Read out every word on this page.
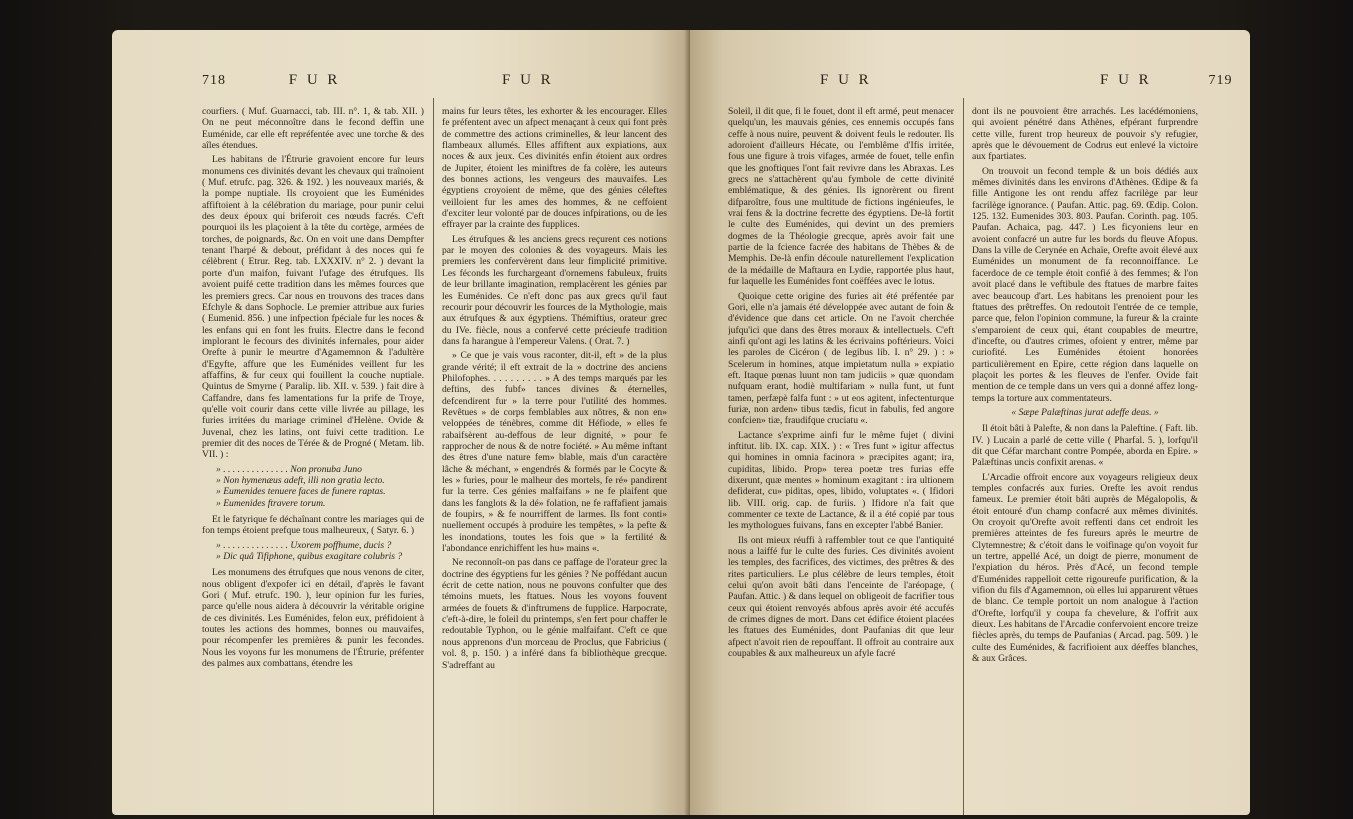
718	F U R	F U R

courfiers. ( Muf. Guarnacci, tab. III. n°. 1, & tab. XII. ) On ne peut méconnoître dans le fecond deffin une Euménide, car elle eft repréfentée avec une torche & des aîles étendues.

Les habitans de l'Étrurie gravoient encore fur leurs monumens ces divinités devant les chevaux qui traînoient ( Muf. etrufc. pag. 326. & 192. ) les nouveaux mariés, & la pompe nuptiale. Ils croyoient que les Euménides affiftoient à la célébration du mariage, pour punir celui des deux époux qui briferoit ces nœuds facrés. C'eft pourquoi ils les plaçoient à la tête du cortège, armées de torches, de poignards, &c. On en voit une dans Dempfter tenant l'harpé & debout, préfidant à des noces qui fe célèbrent ( Etrur. Reg. tab. LXXXIV. n° 2. ) devant la porte d'un maifon, fuivant l'ufage des étrufques. Ils avoient puifé cette tradition dans les mêmes fources que les premiers grecs. Car nous en trouvons des traces dans Efchyle & dans Sophocle. Le premier attribue aux furies ( Eumenid. 856. ) une infpection fpéciale fur les noces & les enfans qui en font les fruits. Electre dans le fecond implorant le fecours des divinités infernales, pour aider Orefte à punir le meurtre d'Agamemnon & l'adultère d'Egyfte, affure que les Euménides veillent fur les affaffins, & fur ceux qui fouillent la couche nuptiale. Quintus de Smyrne ( Paralip. lib. XII. v. 539. ) fait dire à Caffandre, dans fes lamentations fur la prife de Troye, qu'elle voit courir dans cette ville livrée au pillage, les furies irritées du mariage criminel d'Helène. Ovide & Juvenal, chez les latins, ont fuivi cette tradition. Le premier dit des noces de Térée & de Progné ( Metam. lib. VII. ) :

» . . . . . . . . . . . . . . Non pronuba Juno

» Non hymenæus adeft, illi non gratia lecto.

» Eumenides tenuere faces de funere raptas.

» Eumenides ftravere torum.

Et le fatyrique fe déchaînant contre les mariages qui de fon temps étoient prefque tous malheureux, ( Satyr. 6. )

» . . . . . . . . . . . . . . Uxorem poffhume, ducis ?

» Dic quâ Tifiphone, quibus exagitare colubris ?

Les monumens des étrufques que nous venons de citer, nous obligent d'expofer ici en détail, d'après le favant Gori ( Muf. etrufc. 190. ), leur opinion fur les furies, parce qu'elle nous aidera à découvrir la véritable origine de ces divinités. Les Euménides, felon eux, préfidoient à toutes les actions des hommes, bonnes ou mauvaifes, pour récompenfer les premières & punir les fecondes. Nous les voyons fur les monumens de l'Étrurie, préfenter des palmes aux combattans, étendre les

mains fur leurs têtes, les exhorter & les encourager. Elles fe préfentent avec un afpect menaçant à ceux qui font près de commettre des actions criminelles, & leur lancent des flambeaux allumés. Elles affiftent aux expiations, aux noces & aux jeux. Ces divinités enfin étoient aux ordres de Jupiter, étoient les miniftres de fa colère, les auteurs des bonnes actions, les vengeurs des mauvaifes. Les égyptiens croyoient de même, que des génies céleftes veilloient fur les ames des hommes, & ne ceffoient d'exciter leur volonté par de douces infpirations, ou de les effrayer par la crainte des fupplices.

Les étrufques & les anciens grecs reçurent ces notions par le moyen des colonies & des voyageurs. Mais les premiers les confervèrent dans leur fimplicité primitive. Les féconds les furchargeant d'ornemens fabuleux, fruits de leur brillante imagination, remplacèrent les génies par les Euménides. Ce n'eft donc pas aux grecs qu'il faut recourir pour découvrir les fources de la Mythologie, mais aux étrufques & aux égyptiens. Thémiftius, orateur grec du IVe. fiècle, nous a confervé cette précieufe tradition dans fa harangue à l'empereur Valens. ( Orat. 7. )

» Ce que je vais vous raconter, dit-il, eft » de la plus grande vérité; il eft extrait de la » doctrine des anciens Philofophes. . . . . . . . . . » A des temps marqués par les deftins, des fubf» tances divines & éternelles, defcendirent fur » la terre pour l'utilité des hommes. Revêtues » de corps femblables aux nôtres, & non en» veloppées de ténèbres, comme dit Héfiode, » elles fe rabaifsèrent au-deffous de leur dignité, » pour fe rapprocher de nous & de notre fociété. » Au même inftant des êtres d'une nature fem» blable, mais d'un caractère lâche & méchant, » engendrés & formés par le Cocyte & les » furies, pour le malheur des mortels, fe ré» pandirent fur la terre. Ces génies malfaifans » ne fe plaifent que dans les fanglots & la dé» folation, ne fe raffafient jamais de foupirs, » & fe nourriffent de larmes. Ils font conti» nuellement occupés à produire les tempêtes, » la pefte & les inondations, toutes les fois que » la fertilité & l'abondance enrichiffent les hu» mains «.

Ne reconnoît-on pas dans ce paffage de l'orateur grec la doctrine des égyptiens fur les génies ? Ne poffédant aucun écrit de cette nation, nous ne pouvons confulter que des témoins muets, les ftatues. Nous les voyons fouvent armées de fouets & d'inftrumens de fupplice. Harpocrate, c'eft-à-dire, le foleil du printemps, s'en fert pour chaffer le redoutable Typhon, ou le génie malfaifant. C'eft ce que nous apprenons d'un morceau de Proclus, que Fabricius ( vol. 8, p. 150. ) a inféré dans fa bibliothèque grecque. S'adreffant au

F U R	F U R	719

Soleil, il dit que, fi le fouet, dont il eft armé, peut menacer quelqu'un, les mauvais génies, ces ennemis occupés fans ceffe à nous nuire, peuvent & doivent feuls le redouter. Ils adoroient d'ailleurs Hécate, ou l'emblême d'Ifis irritée, fous une figure à trois vifages, armée de fouet, telle enfin que les gnoftiques l'ont fait revivre dans les Abraxas. Les grecs ne s'attachèrent qu'au fymbole de cette divinité emblématique, & des génies. Ils ignorèrent ou firent difparoître, fous une multitude de fictions ingénieufes, le vrai fens & la doctrine fecrette des égyptiens. De-là fortit le culte des Euménides, qui devint un des premiers dogmes de la Théologie grecque, après avoir fait une partie de la fcience facrée des habitans de Thèbes & de Memphis. De-là enfin découle naturellement l'explication de la médaille de Maftaura en Lydie, rapportée plus haut, fur laquelle les Euménides font coëffées avec le lotus.

Quoique cette origine des furies ait été préfentée par Gori, elle n'a jamais été développée avec autant de foin & d'évidence que dans cet article. On ne l'avoit cherchée jufqu'ici que dans des êtres moraux & intellectuels. C'eft ainfi qu'ont agi les latins & les écrivains poftérieurs. Voici les paroles de Cicéron ( de legibus lib. I. n° 29. ) : » Scelerum in homines, atque impietatum nulla » expiatio eft. Itaque pœnas luunt non tam judiciis » quæ quondam nufquam erant, hodiè multifariam » nulla funt, ut funt tamen, perfæpè falfa funt : » ut eos agitent, infectenturque furiæ, non arden» tibus tædis, ficut in fabulis, fed angore confcien» tiæ, fraudifque cruciatu «.

Lactance s'exprime ainfi fur le même fujet ( divini inftitut. lib. IX. cap. XIX. ) : « Tres funt » igitur affectus qui homines in omnia facinora » præcipites agant; ira, cupiditas, libido. Prop» terea poetæ tres furias effe dixerunt, quæ mentes » hominum exagitant : ira ultionem defiderat, cu» piditas, opes, libido, voluptates «. ( Ifidori lib. VIII. orig. cap. de furiis. ) Ifidore n'a fait que commenter ce texte de Lactance, & il a été copié par tous les mythologues fuivans, fans en excepter l'abbé Banier.

Ils ont mieux réuffi à raffembler tout ce que l'antiquité nous a laiffé fur le culte des furies. Ces divinités avoient les temples, des facrifices, des victimes, des prêtres & des rites particuliers. Le plus célèbre de leurs temples, étoit celui qu'on avoit bâti dans l'enceinte de l'aréopage, ( Paufan. Attic. ) & dans lequel on obligeoit de facrifier tous ceux qui étoient renvoyés abfous après avoir été accufés de crimes dignes de mort. Dans cet édifice étoient placées les ftatues des Euménides, dont Paufanias dit que leur afpect n'avoit rien de repouffant. Il offroit au contraire aux coupables & aux malheureux un afyle facré

dont ils ne pouvoient être arrachés. Les lacédémoniens, qui avoient pénétré dans Athènes, efpérant furprendre cette ville, furent trop heureux de pouvoir s'y refugier, après que le dévouement de Codrus eut enlevé la victoire aux fpartiates.

On trouvoit un fecond temple & un bois dédiés aux mêmes divinités dans les environs d'Athènes. Œdipe & fa fille Antigone les ont rendu affez facrilège par leur facrilège ignorance. ( Paufan. Attic. pag. 69. Œdip. Colon. 125. 132. Eumenides 303. 803. Paufan. Corinth. pag. 105. Paufan. Achaica, pag. 447. ) Les ficyoniens leur en avoient confacré un autre fur les bords du fleuve Afopus. Dans la ville de Cerynée en Achaïe, Orefte avoit élevé aux Euménides un monument de fa reconnoiffance. Le facerdoce de ce temple étoit confié à des femmes; & l'on avoit placé dans le veftibule des ftatues de marbre faites avec beaucoup d'art. Les habitans les prenoient pour les ftatues des prêtreffes. On redoutoit l'entrée de ce temple, parce que, felon l'opinion commune, la fureur & la crainte s'emparoient de ceux qui, étant coupables de meurtre, d'incefte, ou d'autres crimes, ofoient y entrer, même par curiofité. Les Euménides étoient honorées particulièrement en Epire, cette région dans laquelle on plaçoit les portes & les fleuves de l'enfer. Ovide fait mention de ce temple dans un vers qui a donné affez long-temps la torture aux commentateurs.

« Sæpe Palæftinas jurat adeffe deas. »

Il étoit bâti à Palefte, & non dans la Paleftine. ( Faft. lib. IV. ) Lucain a parlé de cette ville ( Pharfal. 5. ), lorfqu'il dit que Céfar marchant contre Pompée, aborda en Epire. » Palæftinas uncis confixit arenas. «

L'Arcadie offroit encore aux voyageurs religieux deux temples confacrés aux furies. Orefte les avoit rendus fameux. Le premier étoit bâti auprès de Mégalopolis, & étoit entouré d'un champ confacré aux mêmes divinités. On croyoit qu'Orefte avoit reffenti dans cet endroit les premières atteintes de fes fureurs après le meurtre de Clytemnestre; & c'étoit dans le voifinage qu'on voyoit fur un tertre, appellé Acé, un doigt de pierre, monument de l'expiation du héros. Près d'Acé, un fecond temple d'Euménides rappelloit cette rigoureufe purification, & la vifion du fils d'Agamemnon, où elles lui apparurent vêtues de blanc. Ce temple portoit un nom analogue à l'action d'Orefte, lorfqu'il y coupa fa chevelure, & l'offrit aux dieux. Les habitans de l'Arcadie confervoient encore treize fiècles après, du temps de Paufanias ( Arcad. pag. 509. ) le culte des Euménides, & facrifioient aux déeffes blanches, & aux Grâces.
